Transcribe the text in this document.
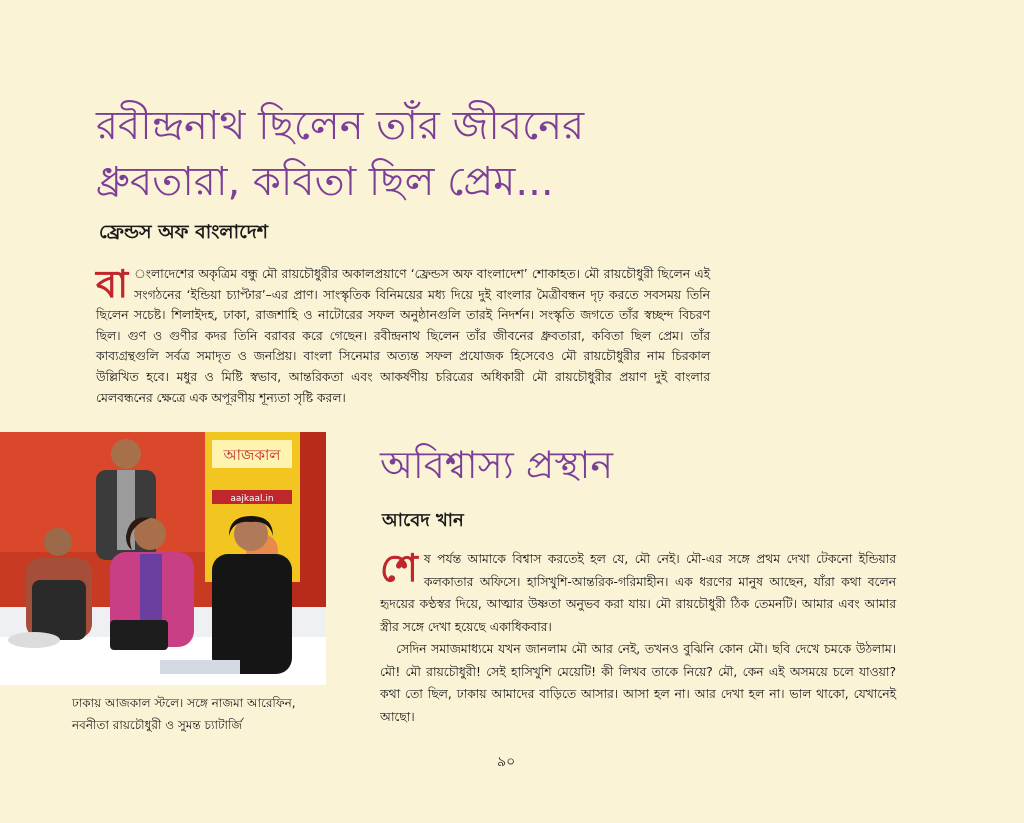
রবীন্দ্রনাথ ছিলেন তাঁর জীবনের
ধ্রুবতারা, কবিতা ছিল প্রেম...
ফ্রেন্ডস অফ বাংলাদেশ
বা ংলাদেশের অকৃত্রিম বন্ধু মৌ রায়চৌধুরীর অকালপ্রয়াণে ‘ফ্রেন্ডস অফ বাংলাদেশ’ শোকাহত। মৌ রায়চৌধুরী ছিলেন এই সংগঠনের ‘ইন্ডিয়া চ্যাপ্টার’–এর প্রাণ। সাংস্কৃতিক বিনিময়ের মধ্য দিয়ে দুই বাংলার মৈত্রীবন্ধন দৃঢ় করতে সবসময় তিনি ছিলেন সচেষ্ট। শিলাইদহ, ঢাকা, রাজশাহি ও নাটোরের সফল অনুষ্ঠানগুলি তারই নিদর্শন। সংস্কৃতি জগতে তাঁর স্বচ্ছন্দ বিচরণ ছিল। গুণ ও গুণীর কদর তিনি বরাবর করে গেছেন। রবীন্দ্রনাথ ছিলেন তাঁর জীবনের ধ্রুবতারা, কবিতা ছিল প্রেম। তাঁর কাব্যগ্রন্থগুলি সর্বত্র সমাদৃত ও জনপ্রিয়। বাংলা সিনেমার অত্যন্ত সফল প্রযোজক হিসেবেও মৌ রায়চৌধুরীর নাম চিরকাল উল্লিখিত হবে। মধুর ও মিষ্টি স্বভাব, আন্তরিকতা এবং আকর্ষণীয় চরিত্রের অধিকারী মৌ রায়চৌধুরীর প্রয়াণ দুই বাংলার মেলবন্ধনের ক্ষেত্রে এক অপূরণীয় শূন্যতা সৃষ্টি করল।
আজকাল
aajkaal.in
ঢাকায় আজকাল স্টলে। সঙ্গে নাজমা আরেফিন,
নবনীতা রায়চৌধুরী ও সুমন্ত চ্যাটার্জি
অবিশ্বাস্য প্রস্থান
আবেদ খান

শেষ পর্যন্ত আমাকে বিশ্বাস করতেই হল যে, মৌ নেই। মৌ-এর সঙ্গে প্রথম দেখা টেকনো ইন্ডিয়ার কলকাতার অফিসে। হাসিখুশি-আন্তরিক-গরিমাহীন। এক ধরণের মানুষ আছেন, যাঁরা কথা বলেন হৃদয়ের কণ্ঠস্বর দিয়ে, আত্মার উষ্ণতা অনুভব করা যায়। মৌ রায়চৌধুরী ঠিক তেমনটি। আমার এবং আমার স্ত্রীর সঙ্গে দেখা হয়েছে একাধিকবার।

সেদিন সমাজমাধ্যমে যখন জানলাম মৌ আর নেই, তখনও বুঝিনি কোন মৌ। ছবি দেখে চমকে উঠলাম। মৌ! মৌ রায়চৌধুরী! সেই হাসিখুশি মেয়েটি! কী লিখব তাকে নিয়ে? মৌ, কেন এই অসময়ে চলে যাওয়া? কথা তো ছিল, ঢাকায় আমাদের বাড়িতে আসার। আসা হল না। আর দেখা হল না। ভাল থাকো, যেখানেই আছো।

৯০
